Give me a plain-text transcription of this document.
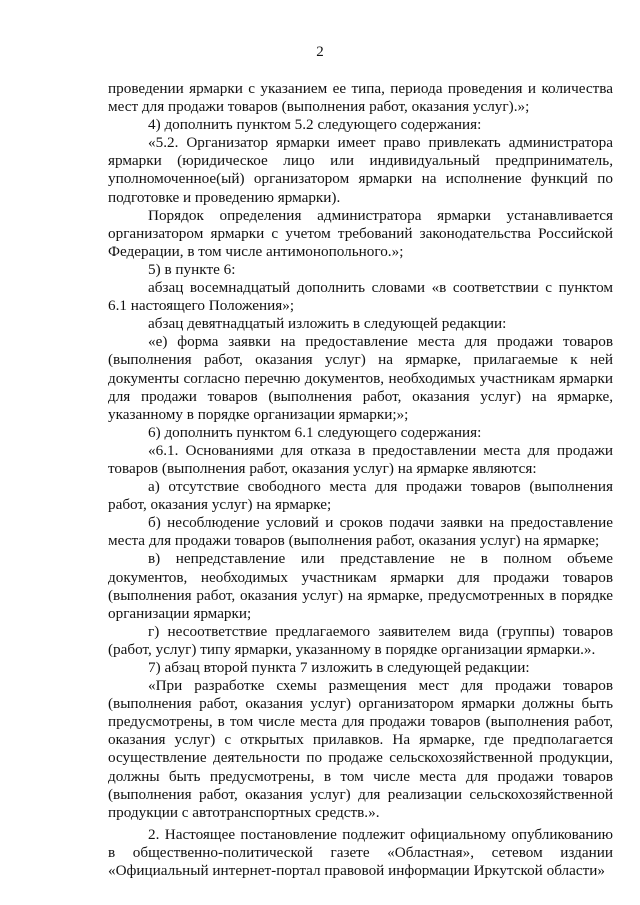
2

проведении ярмарки с указанием ее типа, периода проведения и количества мест для продажи товаров (выполнения работ, оказания услуг).»;

4) дополнить пунктом 5.2 следующего содержания:

«5.2. Организатор ярмарки имеет право привлекать администратора ярмарки (юридическое лицо или индивидуальный предприниматель, уполномоченное(ый) организатором ярмарки на исполнение функций по подготовке и проведению ярмарки).

Порядок определения администратора ярмарки устанавливается организатором ярмарки с учетом требований законодательства Российской Федерации, в том числе антимонопольного.»;

5) в пункте 6:

абзац восемнадцатый дополнить словами «в соответствии с пунктом 6.1 настоящего Положения»;

абзац девятнадцатый изложить в следующей редакции:

«е) форма заявки на предоставление места для продажи товаров (выполнения работ, оказания услуг) на ярмарке, прилагаемые к ней документы согласно перечню документов, необходимых участникам ярмарки для продажи товаров (выполнения работ, оказания услуг) на ярмарке, указанному в порядке организации ярмарки;»;

6) дополнить пунктом 6.1 следующего содержания:

«6.1. Основаниями для отказа в предоставлении места для продажи товаров (выполнения работ, оказания услуг) на ярмарке являются:

а) отсутствие свободного места для продажи товаров (выполнения работ, оказания услуг) на ярмарке;

б) несоблюдение условий и сроков подачи заявки на предоставление места для продажи товаров (выполнения работ, оказания услуг) на ярмарке;

в) непредставление или представление не в полном объеме документов, необходимых участникам ярмарки для продажи товаров (выполнения работ, оказания услуг) на ярмарке, предусмотренных в порядке организации ярмарки;

г) несоответствие предлагаемого заявителем вида (группы) товаров (работ, услуг) типу ярмарки, указанному в порядке организации ярмарки.».

7) абзац второй пункта 7 изложить в следующей редакции:

«При разработке схемы размещения мест для продажи товаров (выполнения работ, оказания услуг) организатором ярмарки должны быть предусмотрены, в том числе места для продажи товаров (выполнения работ, оказания услуг) с открытых прилавков. На ярмарке, где предполагается осуществление деятельности по продаже сельскохозяйственной продукции, должны быть предусмотрены, в том числе места для продажи товаров (выполнения работ, оказания услуг) для реализации сельскохозяйственной продукции с автотранспортных средств.».

2. Настоящее постановление подлежит официальному опубликованию в общественно-политической газете «Областная», сетевом издании «Официальный интернет-портал правовой информации Иркутской области»
